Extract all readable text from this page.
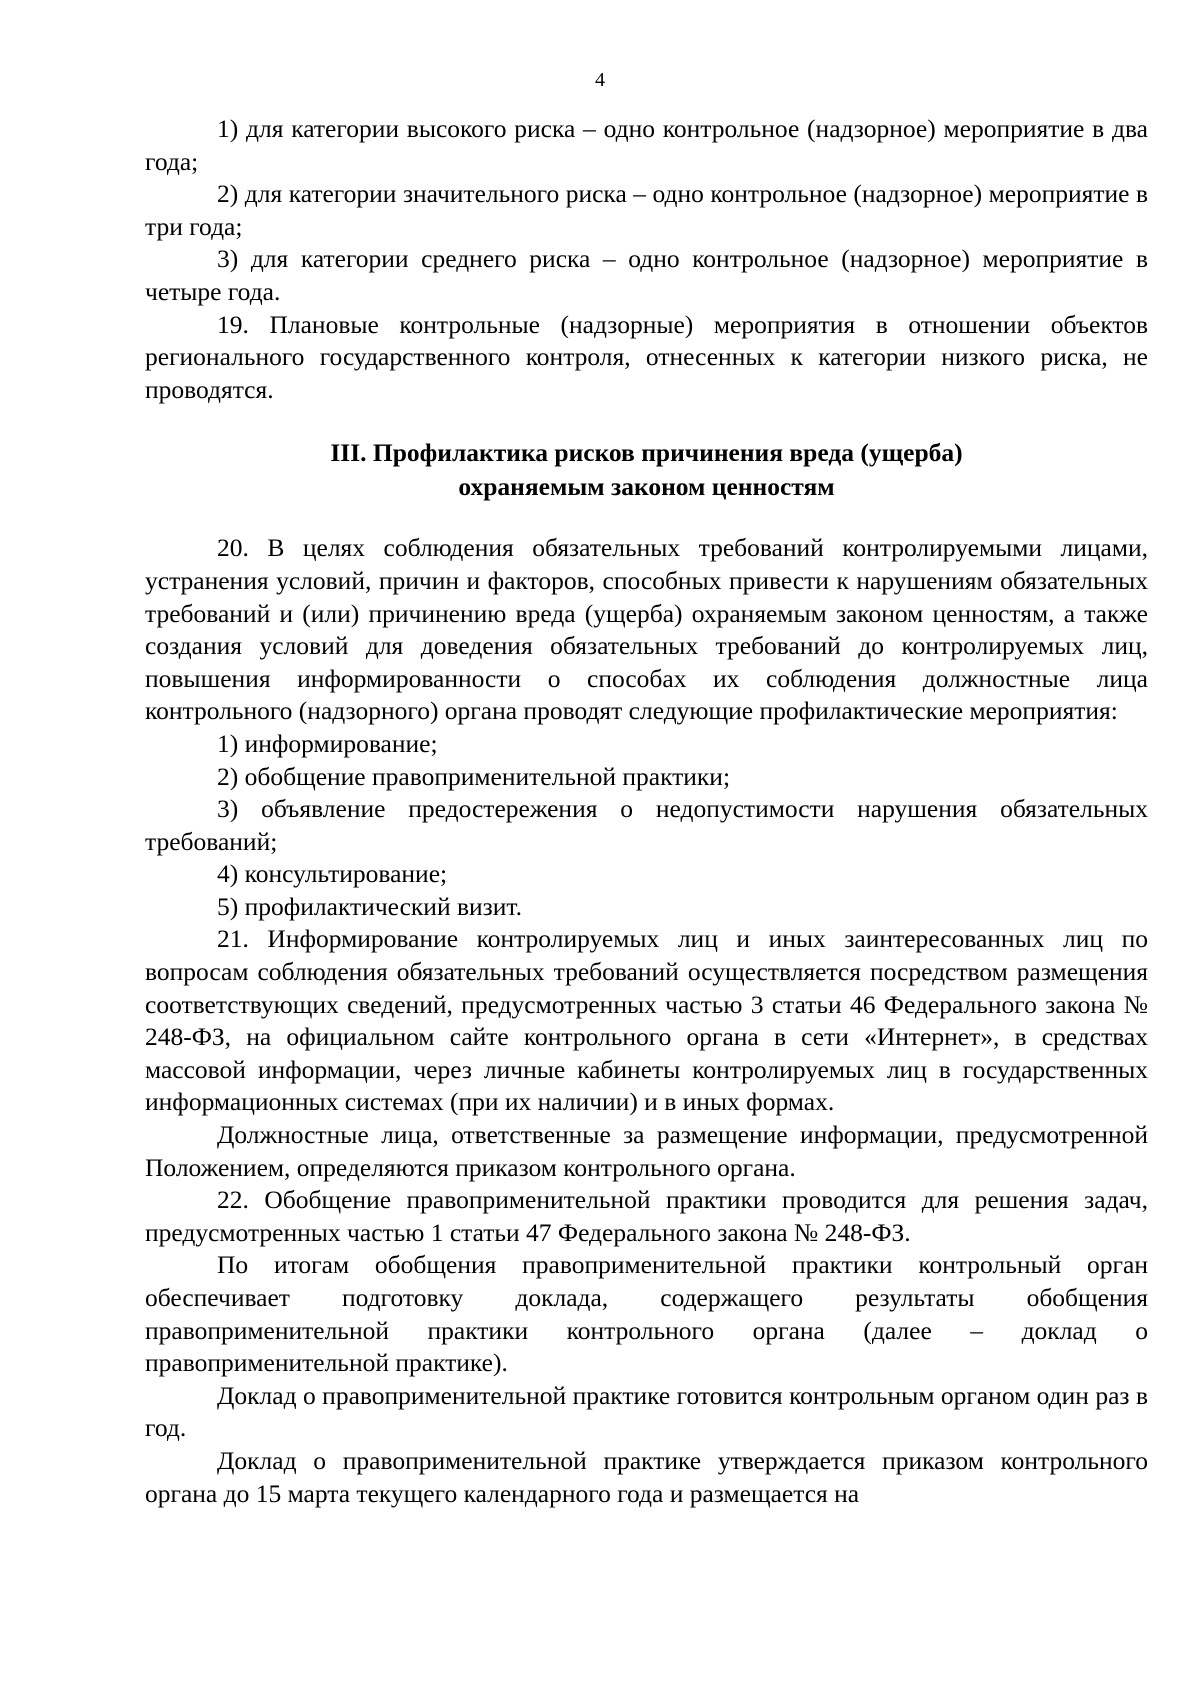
4

1) для категории высокого риска – одно контрольное (надзорное) мероприятие в два года;

2) для категории значительного риска – одно контрольное (надзорное) мероприятие в три года;

3) для категории среднего риска – одно контрольное (надзорное) мероприятие в четыре года.

19. Плановые контрольные (надзорные) мероприятия в отношении объектов регионального государственного контроля, отнесенных к категории низкого риска, не проводятся.

III. Профилактика рисков причинения вреда (ущерба)

охраняемым законом ценностям

20. В целях соблюдения обязательных требований контролируемыми лицами, устранения условий, причин и факторов, способных привести к нарушениям обязательных требований и (или) причинению вреда (ущерба) охраняемым законом ценностям, а также создания условий для доведения обязательных требований до контролируемых лиц, повышения информированности о способах их соблюдения должностные лица контрольного (надзорного) органа проводят следующие профилактические мероприятия:

1) информирование;

2) обобщение правоприменительной практики;

3) объявление предостережения о недопустимости нарушения обязательных требований;

4) консультирование;

5) профилактический визит.

21. Информирование контролируемых лиц и иных заинтересованных лиц по вопросам соблюдения обязательных требований осуществляется посредством размещения соответствующих сведений, предусмотренных частью 3 статьи 46 Федерального закона № 248-ФЗ, на официальном сайте контрольного органа в сети «Интернет», в средствах массовой информации, через личные кабинеты контролируемых лиц в государственных информационных системах (при их наличии) и в иных формах.

Должностные лица, ответственные за размещение информации, предусмотренной Положением, определяются приказом контрольного органа.

22. Обобщение правоприменительной практики проводится для решения задач, предусмотренных частью 1 статьи 47 Федерального закона № 248-ФЗ.

По итогам обобщения правоприменительной практики контрольный орган обеспечивает подготовку доклада, содержащего результаты обобщения правоприменительной практики контрольного органа (далее – доклад о правоприменительной практике).

Доклад о правоприменительной практике готовится контрольным органом один раз в год.

Доклад о правоприменительной практике утверждается приказом контрольного органа до 15 марта текущего календарного года и размещается на
